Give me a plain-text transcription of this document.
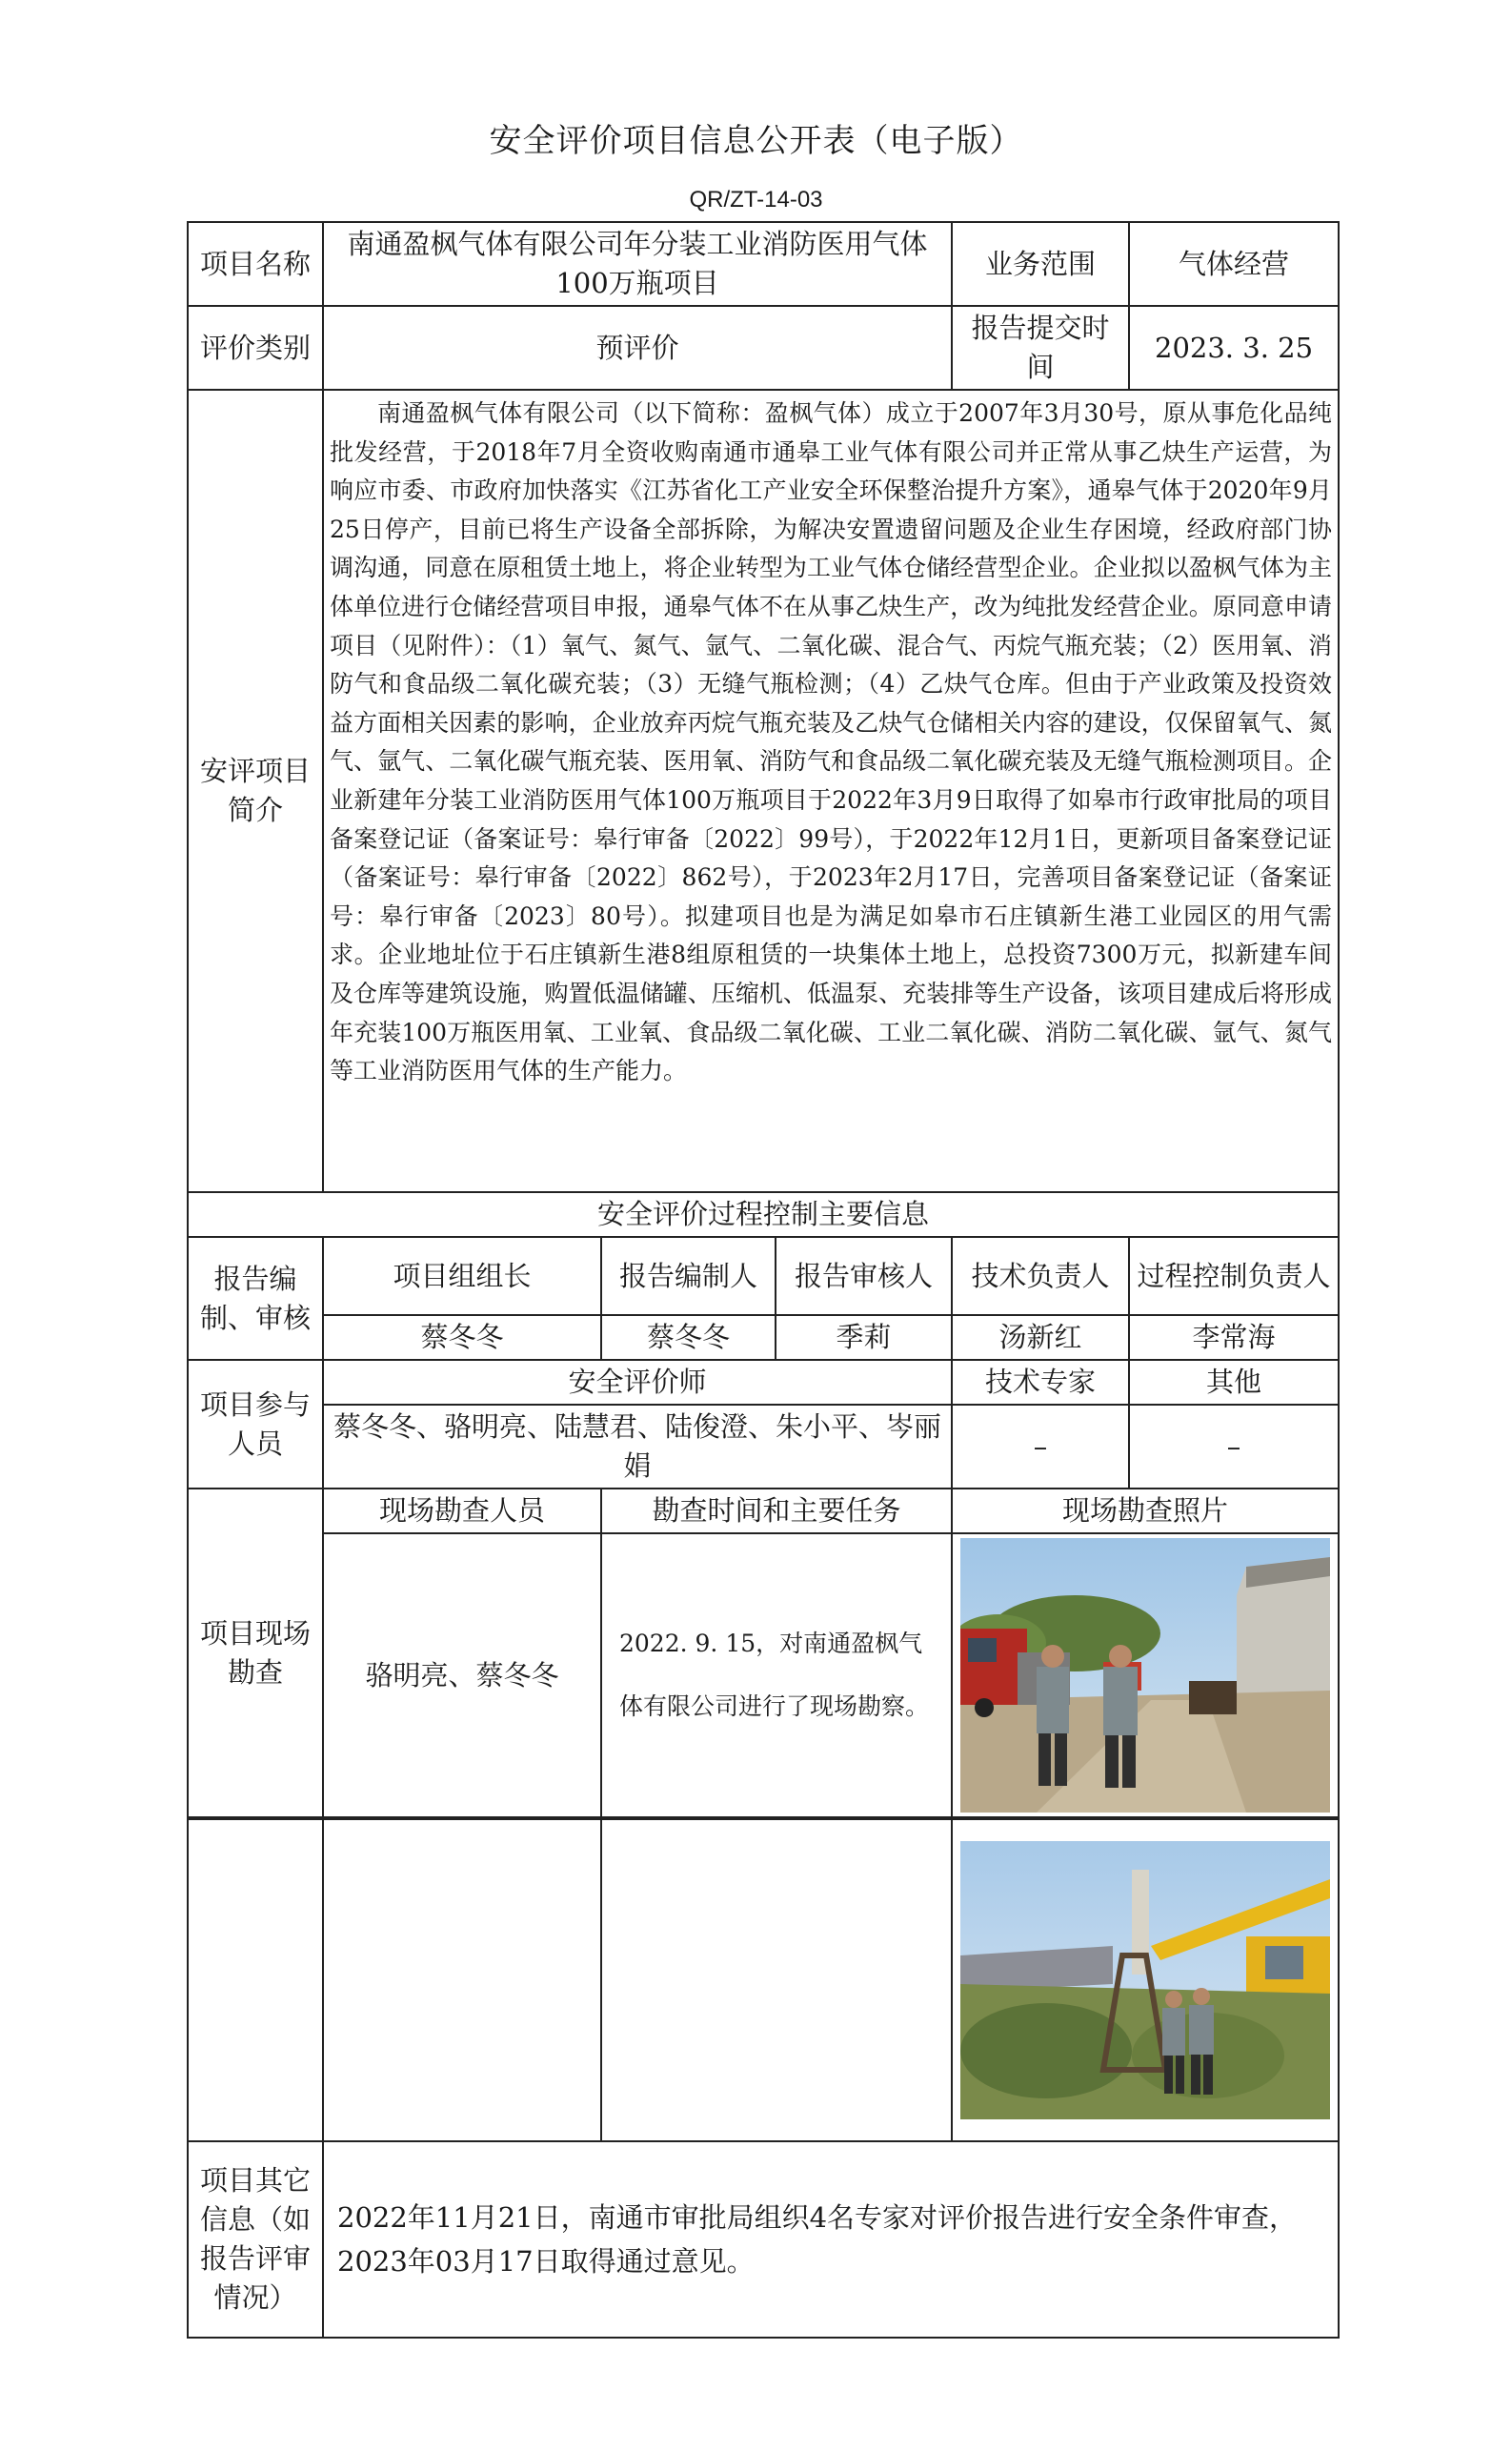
安全评价项目信息公开表（电子版）
QR/ZT-14-03
项目名称	南通盈枫气体有限公司年分装工业消防医用气体100万瓶项目			业务范围	气体经营
评价类别	预评价			报告提交时间	2023. 3. 25
安评项目简介	南通盈枫气体有限公司（以下简称：盈枫气体）成立于2007年3月30号，原从事危化品纯批发经营，于2018年7月全资收购南通市通皋工业气体有限公司并正常从事乙炔生产运营，为响应市委、市政府加快落实《江苏省化工产业安全环保整治提升方案》，通皋气体于2020年9月25日停产，目前已将生产设备全部拆除，为解决安置遗留问题及企业生存困境，经政府部门协调沟通，同意在原租赁土地上，将企业转型为工业气体仓储经营型企业。企业拟以盈枫气体为主体单位进行仓储经营项目申报，通皋气体不在从事乙炔生产，改为纯批发经营企业。原同意申请项目（见附件）：（1）氧气、氮气、氩气、二氧化碳、混合气、丙烷气瓶充装；（2）医用氧、消防气和食品级二氧化碳充装；（3）无缝气瓶检测；（4）乙炔气仓库。但由于产业政策及投资效益方面相关因素的影响，企业放弃丙烷气瓶充装及乙炔气仓储相关内容的建设，仅保留氧气、氮气、氩气、二氧化碳气瓶充装、医用氧、消防气和食品级二氧化碳充装及无缝气瓶检测项目。企业新建年分装工业消防医用气体100万瓶项目于2022年3月9日取得了如皋市行政审批局的项目备案登记证（备案证号：皋行审备〔2022〕99号），于2022年12月1日，更新项目备案登记证（备案证号：皋行审备〔2022〕862号），于2023年2月17日，完善项目备案登记证（备案证号：皋行审备〔2023〕80号）。拟建项目也是为满足如皋市石庄镇新生港工业园区的用气需求。企业地址位于石庄镇新生港8组原租赁的一块集体土地上，总投资7300万元，拟新建车间及仓库等建筑设施，购置低温储罐、压缩机、低温泵、充装排等生产设备，该项目建成后将形成年充装100万瓶医用氧、工业氧、食品级二氧化碳、工业二氧化碳、消防二氧化碳、氩气、氮气等工业消防医用气体的生产能力。				
安全评价过程控制主要信息					
报告编制、审核	项目组组长	报告编制人	报告审核人	技术负责人	过程控制负责人
	蔡冬冬	蔡冬冬	季莉	汤新红	李常海
项目参与人员	安全评价师			技术专家	其他
	蔡冬冬、骆明亮、陆慧君、陆俊澄、朱小平、岑丽娟			–	–
项目现场勘查	现场勘查人员	勘查时间和主要任务		现场勘查照片	
	骆明亮、蔡冬冬	2022. 9. 15，对南通盈枫气体有限公司进行了现场勘察。	

项目其它信息（如报告评审情况）	2022年11月21日，南通市审批局组织4名专家对评价报告进行安全条件审查，2023年03月17日取得通过意见。		
